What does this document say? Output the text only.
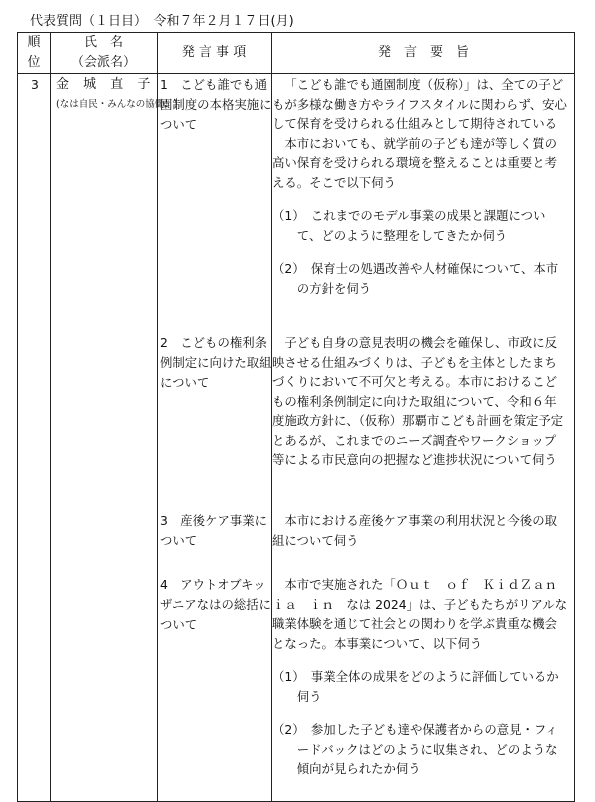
代表質問（１日目）　令和７年２月１７日(月)
順
位
氏　名
（会派名）
発 言 事 項	発　言　要　旨
3	金 城 直 子
(なは自民・みんなの協働！)
1　こども誰でも通園制度の本格実施について

「こども誰でも通園制度（仮称）」は、全ての子どもが多様な働き方やライフスタイルに関わらず、安心して保育を受けられる仕組みとして期待されている

本市においても、就学前の子ども達が等しく質の高い保育を受けられる環境を整えることは重要と考える。そこで以下伺う

（1）　これまでのモデル事業の成果と課題について、どのように整理をしてきたか伺う

（2）　保育士の処遇改善や人材確保について、本市の方針を伺う

2　こどもの権利条例制定に向けた取組について

子ども自身の意見表明の機会を確保し、市政に反映させる仕組みづくりは、子どもを主体としたまちづくりにおいて不可欠と考える。本市におけるこどもの権利条例制定に向けた取組について、令和６年度施政方針に、（仮称）那覇市こども計画を策定予定とあるが、これまでのニーズ調査やワークショップ等による市民意向の把握など進捗状況について伺う

3　産後ケア事業について

本市における産後ケア事業の利用状況と今後の取組について伺う

4　アウトオブキッザニアなはの総括について

本市で実施された「Ｏｕｔ　ｏｆ　ＫｉｄＺａｎｉａ　ｉｎ　なは 2024」は、子どもたちがリアルな職業体験を通じて社会との関わりを学ぶ貴重な機会となった。本事業について、以下伺う

（1）　事業全体の成果をどのように評価しているか伺う

（2）　参加した子ども達や保護者からの意見・フィードバックはどのように収集され、どのような傾向が見られたか伺う
